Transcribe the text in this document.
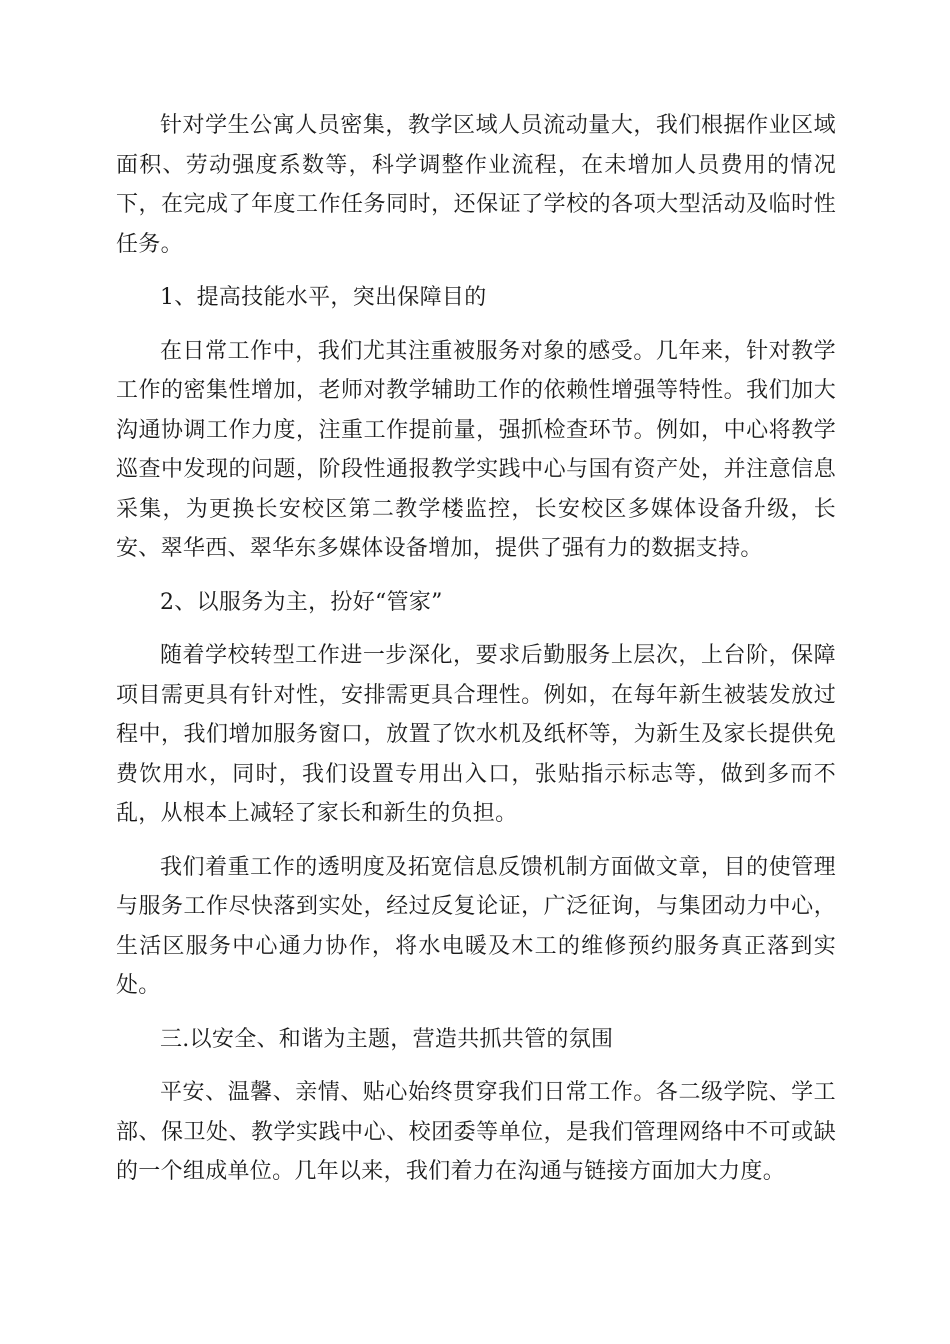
针对学生公寓人员密集，教学区域人员流动量大，我们根据作业区域面积、劳动强度系数等，科学调整作业流程，在未增加人员费用的情况下，在完成了年度工作任务同时，还保证了学校的各项大型活动及临时性任务。

1、提高技能水平，突出保障目的

在日常工作中，我们尤其注重被服务对象的感受。几年来，针对教学工作的密集性增加，老师对教学辅助工作的依赖性增强等特性。我们加大沟通协调工作力度，注重工作提前量，强抓检查环节。例如，中心将教学巡查中发现的问题，阶段性通报教学实践中心与国有资产处，并注意信息采集，为更换长安校区第二教学楼监控，长安校区多媒体设备升级，长安、翠华西、翠华东多媒体设备增加，提供了强有力的数据支持。

2、以服务为主，扮好“管家”

随着学校转型工作进一步深化，要求后勤服务上层次，上台阶，保障项目需更具有针对性，安排需更具合理性。例如，在每年新生被装发放过程中，我们增加服务窗口，放置了饮水机及纸杯等，为新生及家长提供免费饮用水，同时，我们设置专用出入口，张贴指示标志等，做到多而不乱，从根本上减轻了家长和新生的负担。

我们着重工作的透明度及拓宽信息反馈机制方面做文章，目的使管理与服务工作尽快落到实处，经过反复论证，广泛征询，与集团动力中心，生活区服务中心通力协作，将水电暖及木工的维修预约服务真正落到实处。

三.以安全、和谐为主题，营造共抓共管的氛围

平安、温馨、亲情、贴心始终贯穿我们日常工作。各二级学院、学工部、保卫处、教学实践中心、校团委等单位，是我们管理网络中不可或缺的一个组成单位。几年以来，我们着力在沟通与链接方面加大力度。
